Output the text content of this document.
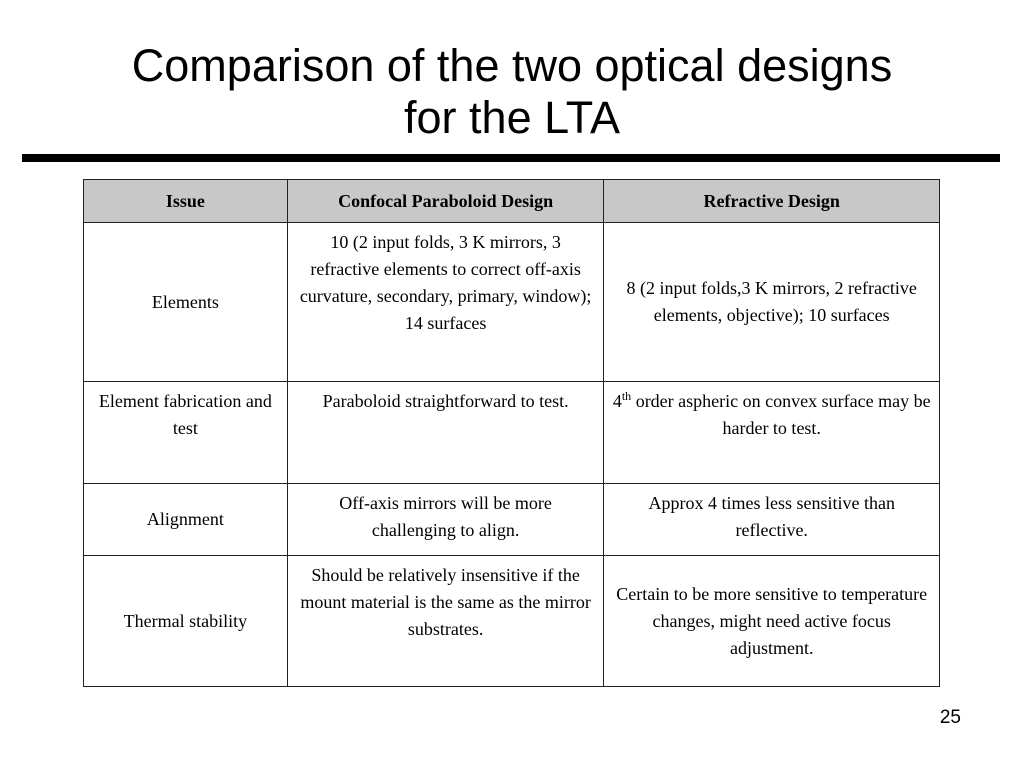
Comparison of the two optical designs
for the LTA
Issue	Confocal Paraboloid Design	Refractive Design
Elements	10 (2 input folds, 3 K mirrors, 3 refractive elements to correct off-axis curvature, secondary, primary, window); 14 surfaces	8 (2 input folds,3 K mirrors, 2 refractive elements, objective); 10 surfaces
Element fabrication and test	Paraboloid straightforward to test.	4th order aspheric on convex surface may be harder to test.
Alignment	Off-axis mirrors will be more challenging to align.	Approx 4 times less sensitive than reflective.
Thermal stability	Should be relatively insensitive if the mount material is the same as the mirror substrates.	Certain to be more sensitive to temperature changes, might need active focus adjustment.
25
